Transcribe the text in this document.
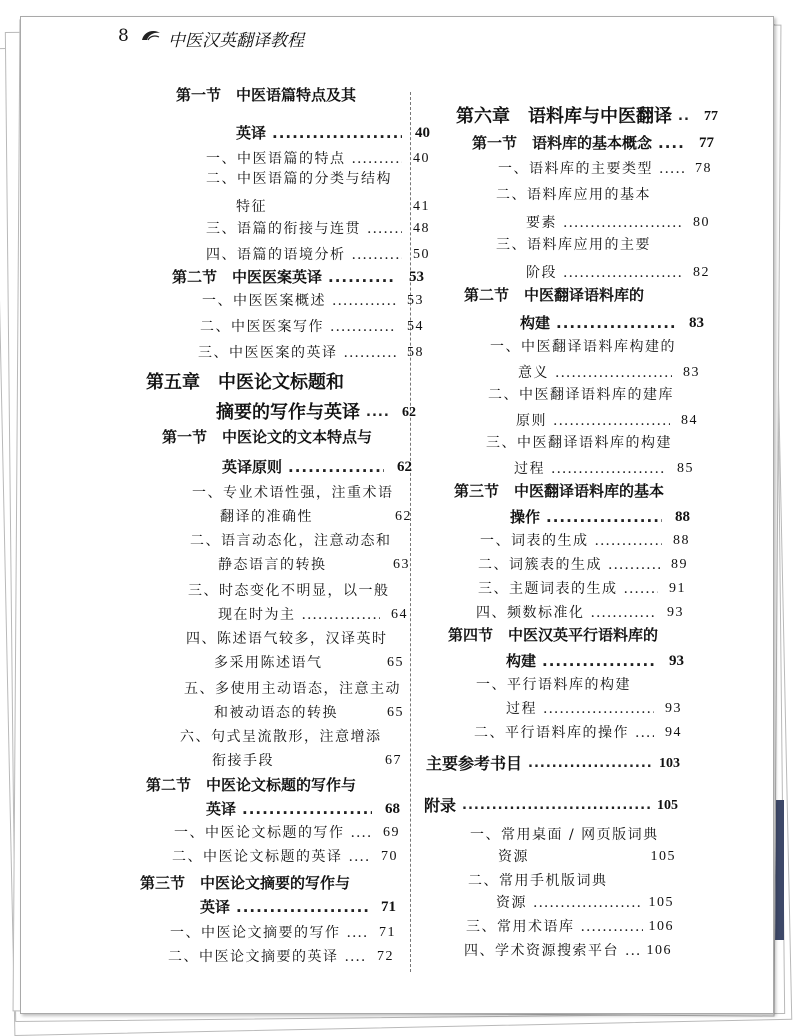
8 中医汉英翻译教程
第一节　中医语篇特点及其
英译 .....	40
一、中医语篇的特点 .....	40
二、中医语篇的分类与结构
特征	41
三、语篇的衔接与连贯 .....	48
四、语篇的语境分析 .....	50
第二节　中医医案英译 .....	53
一、中医医案概述 .....	53
二、中医医案写作 .....	54
三、中医医案的英译 .....	58
第五章　中医论文标题和
摘要的写作与英译 .....	62
第一节　中医论文的文本特点与
英译原则 .....	62
一、专业术语性强，注重术语
翻译的准确性	62
二、语言动态化，注意动态和
静态语言的转换	63
三、时态变化不明显，以一般
现在时为主 .....	64
四、陈述语气较多，汉译英时
多采用陈述语气	65
五、多使用主动语态，注意主动
和被动语态的转换	65
六、句式呈流散形，注意增添
衔接手段	67
第二节　中医论文标题的写作与
英译 .....	68
一、中医论文标题的写作 .....	69
二、中医论文标题的英译 .....	70
第三节　中医论文摘要的写作与
英译 .....	71
一、中医论文摘要的写作 .....	71
二、中医论文摘要的英译 .....	72
第六章　语料库与中医翻译 .....	77
第一节　语料库的基本概念 .....	77
一、语料库的主要类型 .....	78
二、语料库应用的基本
要素 .....	80
三、语料库应用的主要
阶段 .....	82
第二节　中医翻译语料库的
构建 .....	83
一、中医翻译语料库构建的
意义 .....	83
二、中医翻译语料库的建库
原则 .....	84
三、中医翻译语料库的构建
过程 .....	85
第三节　中医翻译语料库的基本
操作 .....	88
一、词表的生成 .....	88
二、词簇表的生成 .....	89
三、主题词表的生成 .....	91
四、频数标准化 .....	93
第四节　中医汉英平行语料库的
构建 .....	93
一、平行语料库的构建
过程 .....	93
二、平行语料库的操作 .....	94
主要参考书目 .....	103
附录 .....	105
一、常用桌面 / 网页版词典
资源	105
二、常用手机版词典
资源 .....	105
三、常用术语库 .....	106
四、学术资源搜索平台 ..... 106
